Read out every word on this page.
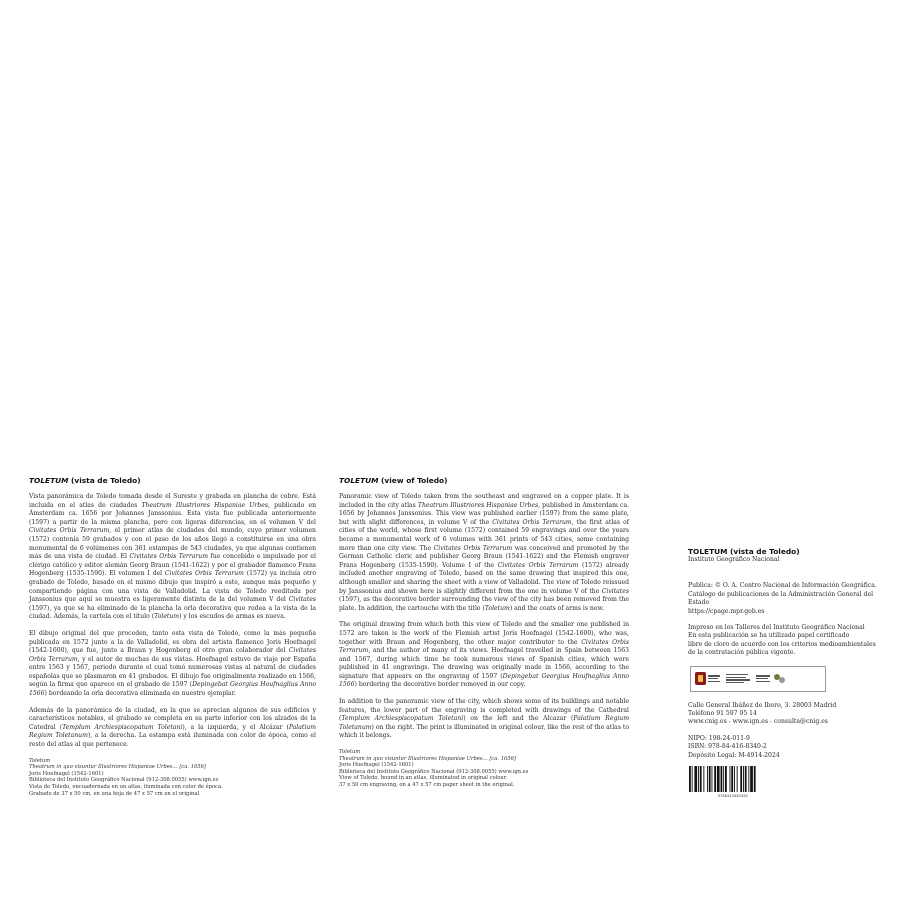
TOLETUM (vista de Toledo)

Vista panorámica de Toledo tomada desde el Sureste y grabada en plancha de cobre. Está incluida en el atlas de ciudades Theatrum Illustriores Hispaniae Urbes, publicado en Ámsterdam ca. 1656 por Johannes Janssonius. Esta vista fue publicada anteriormente (1597) a partir de la misma plancha, pero con ligeras diferencias, en el volumen V del Civitates Orbis Terrarum, el primer atlas de ciudades del mundo, cuyo primer volumen (1572) contenía 59 grabados y con el paso de los años llegó a constituirse en una obra monumental de 6 volúmenes con 361 estampas de 543 ciudades, ya que algunas contienen más de una vista de ciudad. El Civitates Orbis Terrarum fue concebido e impulsado por el clérigo católico y editor alemán Georg Braun (1541-1622) y por el grabador flamenco Frans Hogenberg (1535-1590). El volumen I del Civitates Orbis Terrarum (1572) ya incluía otro grabado de Toledo, basado en el mismo dibujo que inspiró a este, aunque más pequeño y compartiendo página con una vista de Valladolid. La vista de Toledo reeditada por Janssonius que aquí se muestra es ligeramente distinta de la del volumen V del Civitates (1597), ya que se ha eliminado de la plancha la orla decorativa que rodea a la vista de la ciudad. Además, la cartela con el título (Toletum) y los escudos de armas es nueva.

El dibujo original del que proceden, tanto esta vista de Toledo, como la más pequeña publicada en 1572 junto a la de Valladolid, es obra del artista flamenco Joris Hoefnagel (1542-1600), que fue, junto a Braun y Hogenberg el otro gran colaborador del Civitates Orbis Terrarum, y el autor de muchas de sus vistas. Hoefnagel estuvo de viaje por España entre 1563 y 1567, periodo durante el cual tomó numerosas vistas al natural de ciudades españolas que se plasmaron en 41 grabados. El dibujo fue originalmente realizado en 1566, según la firma que aparece en el grabado de 1597 (Depingebat Georgius Houfnaglius Anno 1566) bordeando la orla decorativa eliminada en nuestro ejemplar.

Además de la panorámica de la ciudad, en la que se aprecian algunos de sus edificios y característicos notables, el grabado se completa en su parte inferior con los alzados de la Catedral (Templum Archiespiscopatum Toletani), a la izquierda, y el Alcázar (Palatium Regium Toletanum), a la derecha. La estampa está iluminada con color de época, como el resto del atlas al que pertenece.

Toletum
Theatrum in quo visuntur Illustriores Hispaniae Urbes… [ca. 1656]
Joris Hoefnagel (1542-1601)
Biblioteca del Instituto Geográfico Nacional (912-308.0055) www.ign.es
Vista de Toledo, encuadernada en un atlas, iluminada con color de época.
Grabado de 37 x 50 cm, en una hoja de 47 x 57 cm en el original.
TOLETUM (view of Toledo)

Panoramic view of Toledo taken from the southeast and engraved on a copper plate. It is included in the city atlas Theatrum Illustriores Hispaniae Urbes, published in Amsterdam ca. 1656 by Johannes Janssonius. This view was published earlier (1597) from the same plate, but with slight differences, in volume V of the Civitates Orbis Terrarum, the first atlas of cities of the world, whose first volume (1572) contained 59 engravings and over the years became a monumental work of 6 volumes with 361 prints of 543 cities, some containing more than one city view. The Civitates Orbis Terrarum was conceived and promoted by the German Catholic cleric and publisher Georg Braun (1541-1622) and the Flemish engraver Frans Hogenberg (1535-1590). Volume I of the Civitates Orbis Terrarum (1572) already included another engraving of Toledo, based on the same drawing that inspired this one, although smaller and sharing the sheet with a view of Valladolid. The view of Toledo reissued by Janssonius and shown here is slightly different from the one in volume V of the Civitates (1597), as the decorative border surrounding the view of the city has been removed from the plate. In addition, the cartouche with the title (Toletum) and the coats of arms is new.

The original drawing from which both this view of Toledo and the smaller one published in 1572 are taken is the work of the Flemish artist Joris Hoefnagel (1542-1600), who was, together with Braun and Hogenberg, the other major contributor to the Civitates Orbis Terrarum, and the author of many of its views. Hoefnagel travelled in Spain between 1563 and 1567, during which time he took numerous views of Spanish cities, which were published in 41 engravings. The drawing was originally made in 1566, according to the signature that appears on the engraving of 1597 (Depingebat Georgius Houfnaglius Anno 1566) bordering the decorative border removed in our copy.

In addition to the panoramic view of the city, which shows some of its buildings and notable features, the lower part of the engraving is completed with drawings of the Cathedral (Templum Archiespiscopatum Toletani) on the left and the Alcazar (Palatium Regium Toletanum) on the right. The print is illuminated in original colour, like the rest of the atlas to which it belongs.

Toletum
Theatrum in quo visuntur Illustriores Hispaniae Urbes… [ca. 1656]
Joris Hoefnagel (1542-1601)
Biblioteca del Instituto Geográfico Nacional (912-308.0055) www.ign.es
View of Toledo, bound in an atlas, illuminated in original colour.
37 x 50 cm engraving, on a 47 x 57 cm paper sheet in the original.
TOLETUM (vista de Toledo)
Instituto Geográfico Nacional
Publica: © O. A. Centro Nacional de Información Geográfica.
Catálogo de publicaciones de la Administración General del Estado
https://cpage.mpr.gob.es
Impreso en los Talleres del Instituto Geográfico Nacional
En esta publicación se ha utilizado papel certificado
libre de cloro de acuerdo con los criterios medioambientales
de la contratación pública vigente.
Calle General Ibáñez de Ibero, 3. 28003 Madrid
Teléfono 91 597 95 14
www.cnig.es - www.ign.es - consulta@cnig.es
NIPO: 198-24-011-9
ISBN: 978-84-416-8340-2
Depósito Legal: M-4914-2024
9788441683402
